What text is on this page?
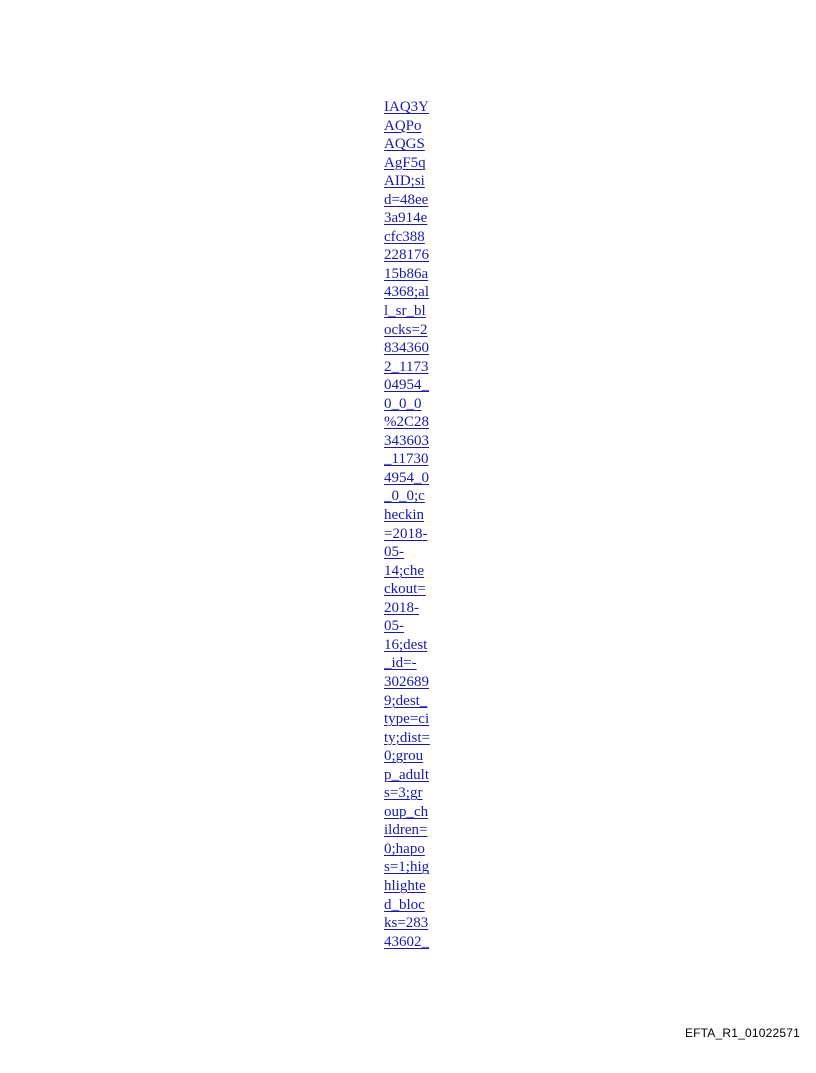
IAQ3Y
AQPo
AQGS
AgF5q
AID;si
d=48ee
3a914e
cfc388
228176
15b86a
4368;al
l_sr_bl
ocks=2
834360
2_1173
04954_
0_0_0
%2C28
343603
_11730
4954_0
_0_0;c
heckin
=2018-
05-
14;che
ckout=
2018-
05-
16;dest
_id=-
302689
9;dest_
type=ci
ty;dist=
0;grou
p_adult
s=3;gr
oup_ch
ildren=
0;hapo
s=1;hig
hlighte
d_bloc
ks=283
43602_
EFTA_R1_01022571
